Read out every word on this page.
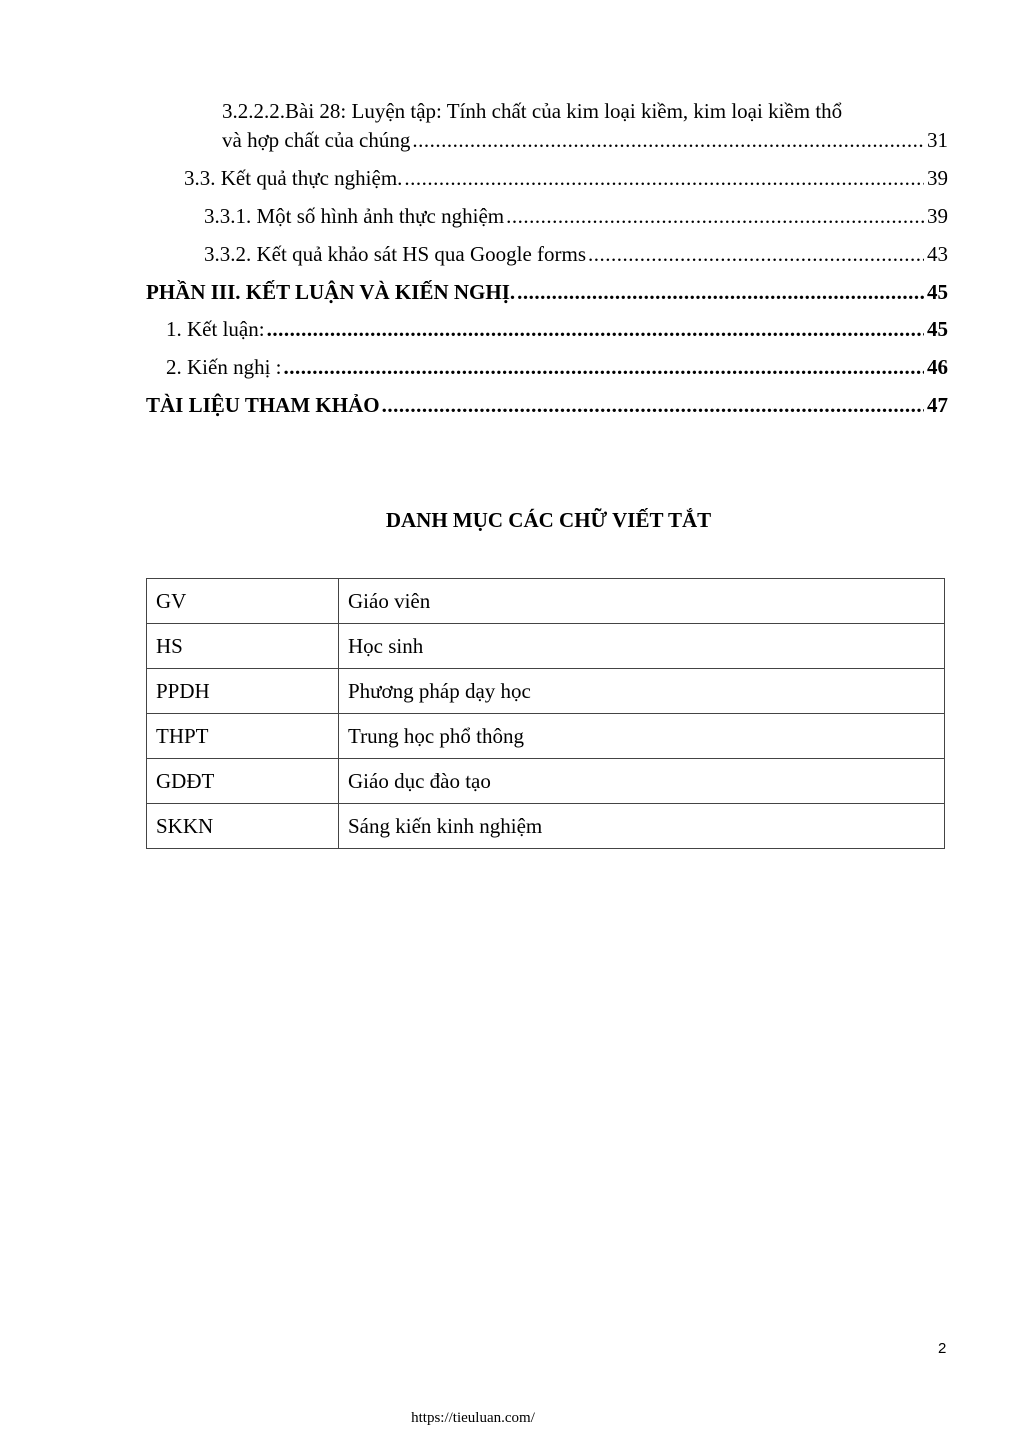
3.2.2.2.Bài 28: Luyện tập: Tính chất của kim loại kiềm, kim loại kiềm thổ
và hợp chất của chúng .....	31
3.3. Kết quả thực nghiệm. .....	39
3.3.1. Một số hình ảnh thực nghiệm .....	39
3.3.2. Kết quả khảo sát HS qua Google forms .....	43
PHẦN III. KẾT LUẬN VÀ KIẾN NGHỊ. .....	45
1. Kết luận: .....	45
2. Kiến nghị : .....	46
TÀI LIỆU THAM KHẢO .....	47
DANH MỤC CÁC CHỮ VIẾT TẮT
GV	Giáo viên
HS	Học sinh
PPDH	Phương pháp dạy học
THPT	Trung học phổ thông
GDĐT	Giáo dục đào tạo
SKKN	Sáng kiến kinh nghiệm
2
https://tieuluan.com/
